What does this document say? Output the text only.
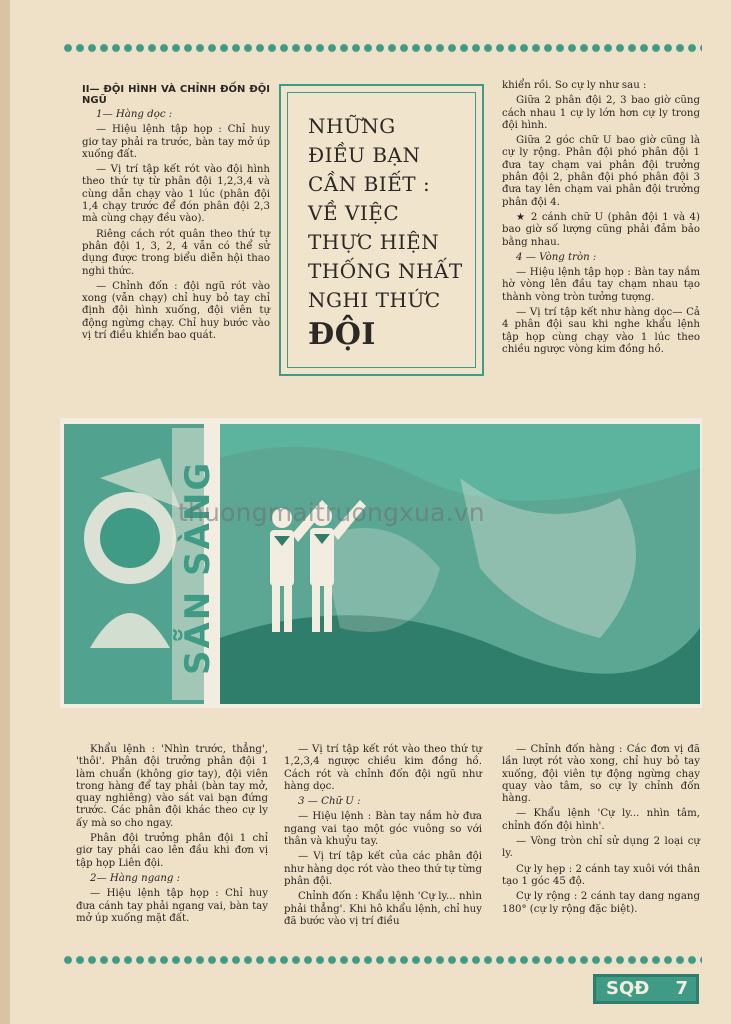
II— ĐỘI HÌNH VÀ CHỈNH ĐỐN ĐỘI NGŨ

1— Hàng dọc :

— Hiệu lệnh tập họp : Chỉ huy giơ tay phải ra trước, bàn tay mở úp xuống đất.

— Vị trí tập kết rót vào đội hình theo thứ tự từ phân đội 1,2,3,4 và cùng dẫn chạy vào 1 lúc (phân đội 1,4 chạy trước để đón phân đội 2,3 mà cùng chạy đều vào).

Riêng cách rót quân theo thứ tự phân đội 1, 3, 2, 4 vẫn có thể sử dụng được trong biểu diễn hội thao nghi thức.

— Chỉnh đốn : đội ngũ rót vào xong (vẫn chạy) chỉ huy bỏ tay chỉ định đội hình xuống, đội viên tự động ngừng chạy. Chỉ huy bước vào vị trí điều khiển bao quát.

NHỮNG
ĐIỀU BẠN
CẦN BIẾT :
VỀ VIỆC
THỰC HIỆN
THỐNG NHẤT
NGHI THỨC
ĐỘI

khiển rồi. So cự ly như sau :

Giữa 2 phân đội 2, 3 bao giờ cũng cách nhau 1 cự ly lớn hơn cự ly trong đội hình.

Giữa 2 góc chữ U bao giờ cũng là cự ly rộng. Phân đội phó phân đội 1 đưa tay chạm vai phân đội trưởng phân đội 2, phân đội phó phân đội 3 đưa tay lên chạm vai phân đội trưởng phân đội 4.

★ 2 cánh chữ U (phân đội 1 và 4) bao giờ số lượng cũng phải đảm bảo bằng nhau.

4 — Vòng tròn :

— Hiệu lệnh tập họp : Bàn tay nắm hờ vòng lên đầu tay chạm nhau tạo thành vòng tròn tưởng tượng.

— Vị trí tập kết như hàng dọc— Cả 4 phân đội sau khi nghe khẩu lệnh tập họp cùng chạy vào 1 lúc theo chiều ngược vòng kim đồng hồ.

SẴN SÀNG
thuongmaitruongxua.vn

Khẩu lệnh : 'Nhìn trước, thẳng', 'thôi'. Phân đội trưởng phân đội 1 làm chuẩn (không giơ tay), đội viên trong hàng để tay phải (bàn tay mở, quay nghiêng) vào sát vai bạn đứng trước. Các phân đội khác theo cự ly ấy mà so cho ngay.

Phân đội trưởng phân đội 1 chỉ giơ tay phải cao lên đầu khi đơn vị tập họp Liên đội.

2— Hàng ngang :

— Hiệu lệnh tập họp : Chỉ huy đưa cánh tay phải ngang vai, bàn tay mở úp xuống mặt đất.

— Vị trí tập kết rót vào theo thứ tự 1,2,3,4 ngược chiều kim đồng hồ. Cách rót và chỉnh đốn đội ngũ như hàng dọc.

3 — Chữ U :

— Hiệu lệnh : Bàn tay nắm hờ đưa ngang vai tạo một góc vuông so với thân và khuỷu tay.

— Vị trí tập kết của các phân đội như hàng dọc rót vào theo thứ tự từng phân đội.

Chỉnh đốn : Khẩu lệnh 'Cự ly... nhìn phải thẳng'. Khi hô khẩu lệnh, chỉ huy đã bước vào vị trí điều

— Chỉnh đốn hàng : Các đơn vị đã lần lượt rót vào xong, chỉ huy bỏ tay xuống, đội viên tự động ngừng chạy quay vào tâm, so cự ly chỉnh đốn hàng.

— Khẩu lệnh 'Cự ly... nhìn tâm, chỉnh đốn đội hình'.

— Vòng tròn chỉ sử dụng 2 loại cự ly.

Cự ly hẹp : 2 cánh tay xuôi với thân tạo 1 góc 45 độ.

Cự ly rộng : 2 cánh tay dang ngang 180° (cự ly rộng đặc biệt).

SQĐ 7
